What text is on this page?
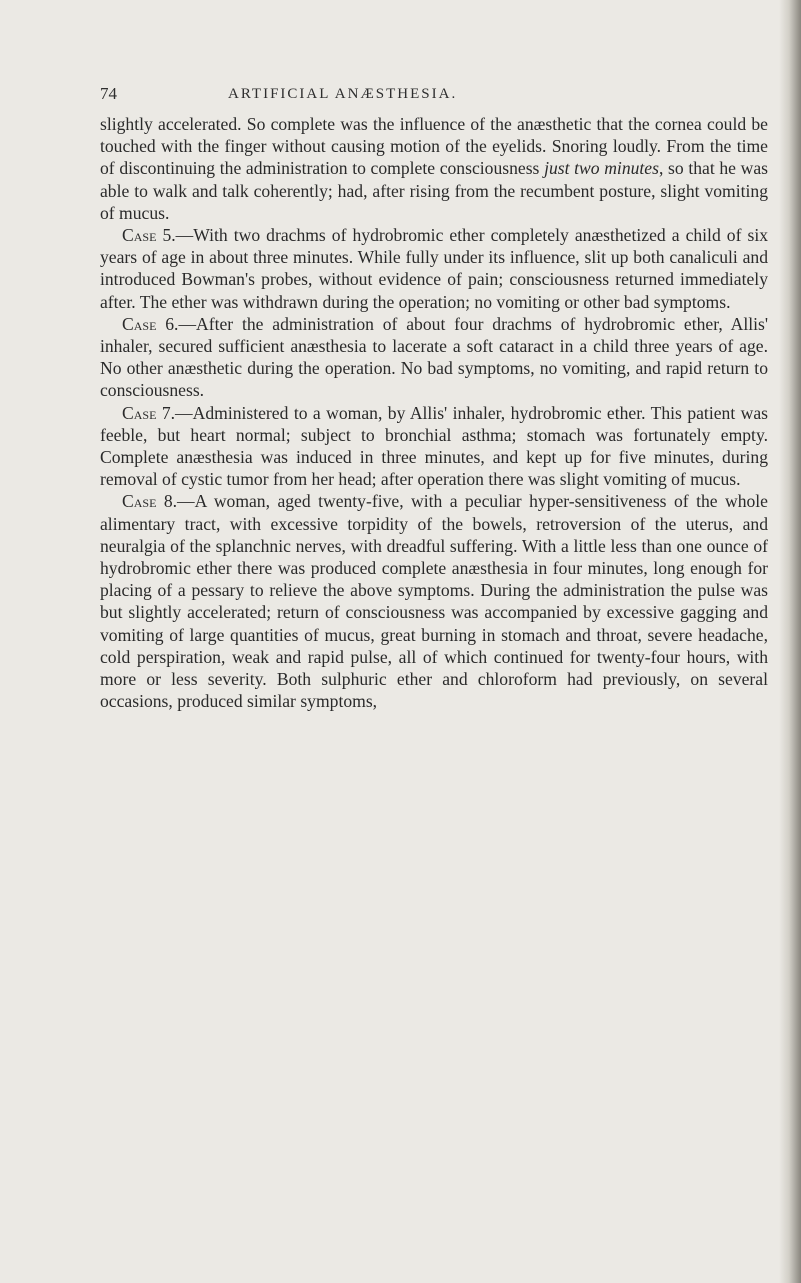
74	ARTIFICIAL ANÆSTHESIA.

slightly accelerated. So complete was the influence of the anæsthetic that the cornea could be touched with the finger without causing motion of the eyelids. Snoring loudly. From the time of discontinuing the administration to complete consciousness just two minutes, so that he was able to walk and talk coherently; had, after rising from the recumbent posture, slight vomiting of mucus.

Case 5.—With two drachms of hydrobromic ether completely anæsthetized a child of six years of age in about three minutes. While fully under its influence, slit up both canaliculi and introduced Bowman's probes, without evidence of pain; consciousness returned immediately after. The ether was withdrawn during the operation; no vomiting or other bad symptoms.

Case 6.—After the administration of about four drachms of hydrobromic ether, Allis' inhaler, secured sufficient anæsthesia to lacerate a soft cataract in a child three years of age. No other anæsthetic during the operation. No bad symptoms, no vomiting, and rapid return to consciousness.

Case 7.—Administered to a woman, by Allis' inhaler, hydrobromic ether. This patient was feeble, but heart normal; subject to bronchial asthma; stomach was fortunately empty. Complete anæsthesia was induced in three minutes, and kept up for five minutes, during removal of cystic tumor from her head; after operation there was slight vomiting of mucus.

Case 8.—A woman, aged twenty-five, with a peculiar hyper-sensitiveness of the whole alimentary tract, with excessive torpidity of the bowels, retroversion of the uterus, and neuralgia of the splanchnic nerves, with dreadful suffering. With a little less than one ounce of hydrobromic ether there was produced complete anæsthesia in four minutes, long enough for placing of a pessary to relieve the above symptoms. During the administration the pulse was but slightly accelerated; return of consciousness was accompanied by excessive gagging and vomiting of large quantities of mucus, great burning in stomach and throat, severe headache, cold perspiration, weak and rapid pulse, all of which continued for twenty-four hours, with more or less severity. Both sulphuric ether and chloroform had previously, on several occasions, produced similar symptoms,
